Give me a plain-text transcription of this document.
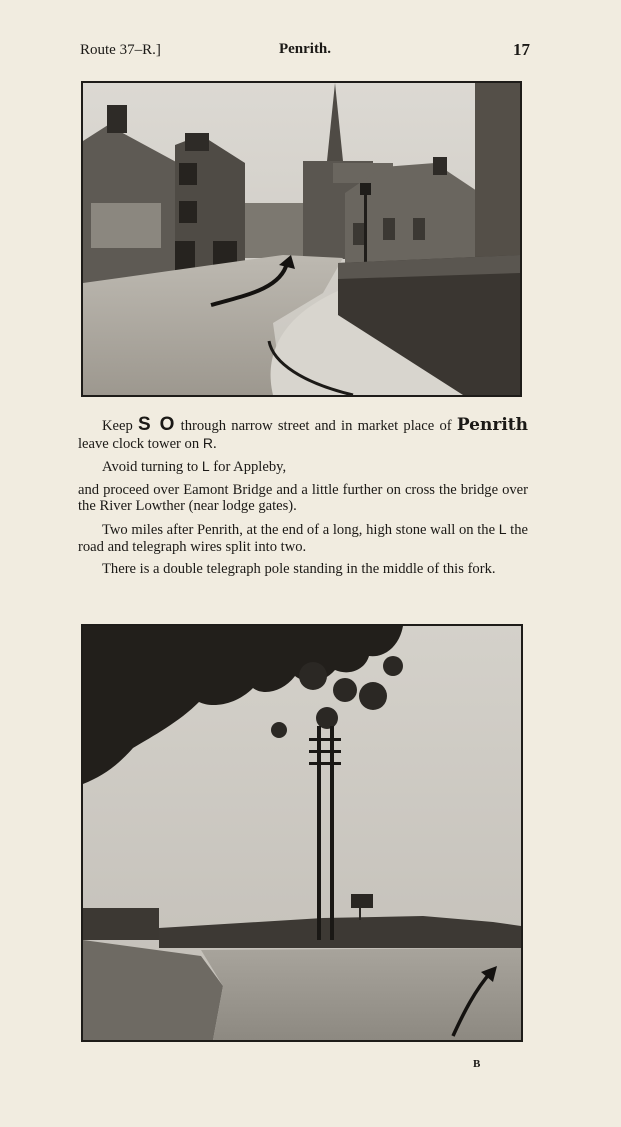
Route 37–R.]	Penrith.	17

Keep S O through narrow street and in market place of Penrith leave clock tower on R.

Avoid turning to L for Appleby,

and proceed over Eamont Bridge and a little further on cross the bridge over the River Lowther (near lodge gates).

Two miles after Penrith, at the end of a long, high stone wall on the L the road and telegraph wires split into two.

There is a double telegraph pole standing in the middle of this fork.

B
